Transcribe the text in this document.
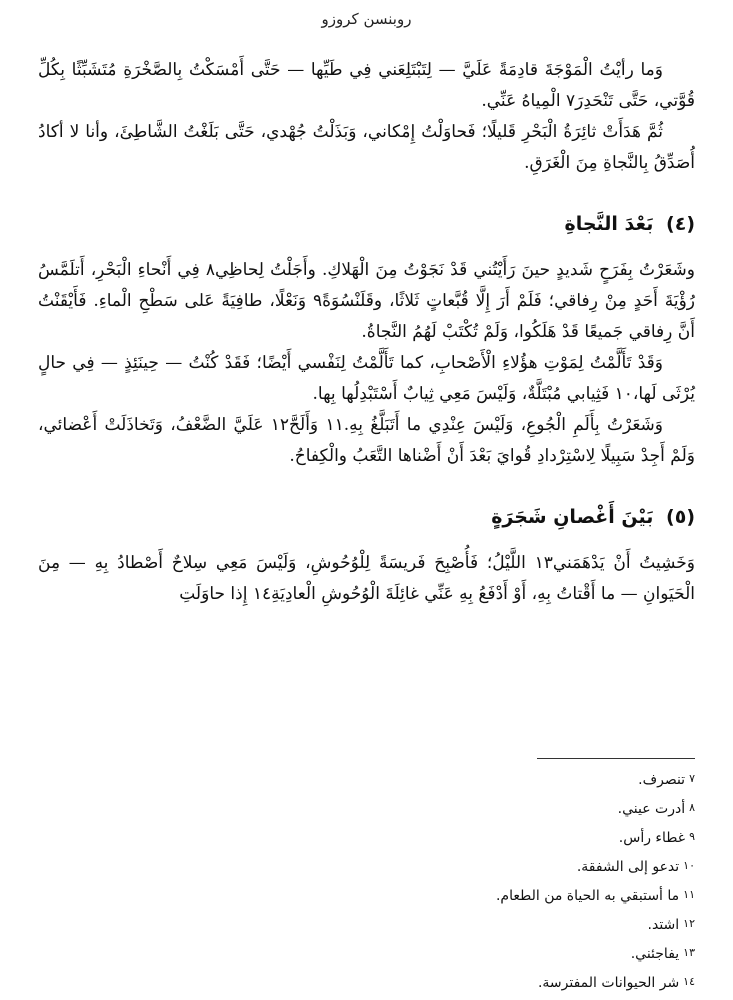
روبنسن كروزو

وَما رأيْتُ الْمَوْجَةَ قادِمَةً عَلَيَّ — لِتَبْتَلِعَني فِي طَيِّها — حَتَّى أَمْسَكْتُ بِالصَّخْرَةِ مُتَشَبِّثًا بِكُلِّ قُوَّتي، حَتَّى تَنْحَدِرَ٧ الْمِياهُ عَنِّي.

ثُمَّ هَدَأَتْ ثائِرَةُ الْبَحْرِ قَليلًا؛ فَحاوَلْتُ إِمْكاني، وَبَذَلْتُ جُهْدي، حَتَّى بَلَغْتُ الشَّاطِئَ، وأنا لا أكادُ أُصَدِّقُ بِالنَّجاةِ مِنَ الْغَرَقِ.

(٤) بَعْدَ النَّجاةِ

وشَعَرْتُ بِفَرَحٍ شَديدٍ حينَ رَأَيْتُني قَدْ نَجَوْتُ مِنَ الْهَلاكِ. وأَجَلْتُ لِحاظِي٨ فِي أَنْحاءِ الْبَحْرِ، أَتلَمَّسُ رُؤْيَةَ أَحَدٍ مِنْ رِفاقي؛ فَلَمْ أَرَ إِلَّا قُبَّعاتٍ ثَلاثًا، وقَلَنْسُوَةً٩ وَنَعْلًا، طافِيَةً عَلى سَطْحِ الْماءِ. فَأَيْقَنْتُ أَنَّ رِفاقي جَميعًا قَدْ هَلَكُوا، وَلَمْ تُكْتَبْ لَهُمُ النَّجاةُ.

وَقَدْ تَأَلَّمْتُ لِمَوْتِ هؤُلاءِ الْأَصْحابِ، كما تَأَلَّمْتُ لِنَفْسي أَيْضًا؛ فَقَدْ كُنْتُ — حِينَئِذٍ — فِي حالٍ يُرْثَى لَها،١٠ فَثِيابي مُبْتَلَّةٌ، وَلَيْسَ مَعِي ثِيابٌ أَسْتَبْدِلُها بِها.

وَشَعَرْتُ بِأَلَمِ الْجُوعِ، وَلَيْسَ عِنْدِي ما أَتَبَلَّغُ بِهِ.١١ وَأَلَحَّ١٢ عَلَيَّ الضَّعْفُ، وَتَخاذَلَتْ أَعْضائي، وَلَمْ أَجِدْ سَبِيلًا لِاسْتِرْدادِ قُوايَ بَعْدَ أَنْ أَضْناها التَّعَبُ والْكِفاحُ.

(٥) بَيْنَ أَغْصانِ شَجَرَةٍ

وَخَشِيتُ أَنْ يَدْهَمَني١٣ اللَّيْلُ؛ فَأُصْبِحَ فَريسَةً لِلْوُحُوشِ، وَلَيْسَ مَعِي سِلاحٌ أَصْطادُ بِهِ — مِنَ الْحَيَوانِ — ما أَقْتاتُ بِهِ، أَوْ أَدْفَعُ بِهِ عَنِّي غائِلَةَ الْوُحُوشِ الْعادِيَةِ١٤ إِذا حاوَلَتِ

٧تنصرف.
٨أدرت عيني.
٩غطاء رأس.
١٠تدعو إلى الشفقة.
١١ما أستبقي به الحياة من الطعام.
١٢اشتد.
١٣يفاجئني.
١٤شر الحيوانات المفترسة.
